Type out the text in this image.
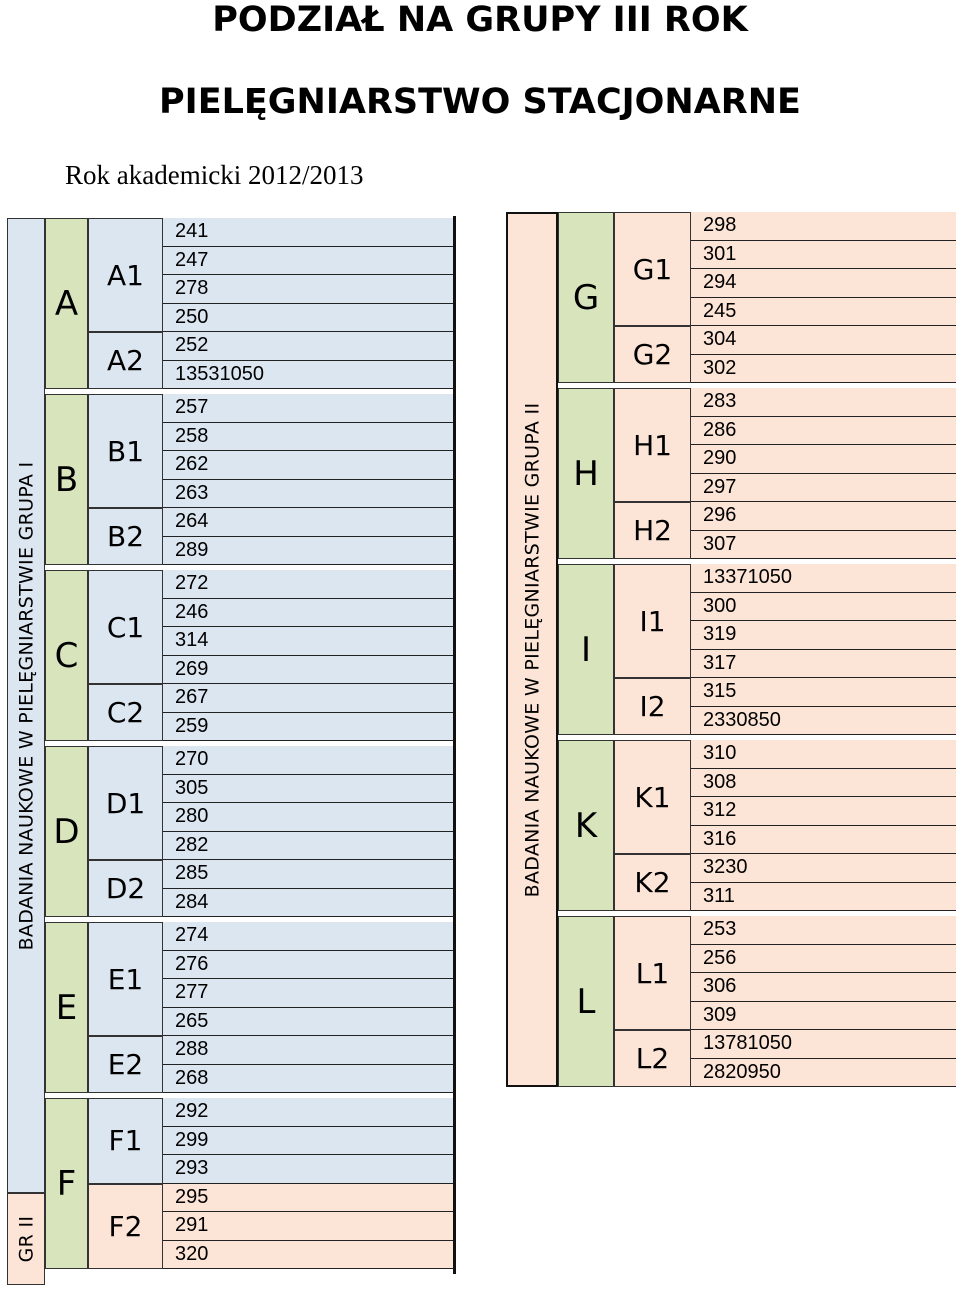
PODZIAŁ NA GRUPY III ROK
PIELĘGNIARSTWO STACJONARNE
Rok akademicki 2012/2013
241
247
278
250
A1
252
13531050
A2
A
257
258
262
263
B1
264
289
B2
B
272
246
314
269
C1
267
259
C2
C
270
305
280
282
D1
285
284
D2
D
274
276
277
265
E1
288
268
E2
E
292
299
293
F1
295
291
320
F2
F
BADANIA NAUKOWE W PIELĘGNIARSTWIE GRUPA I
GR II
298
301
294
245
G1
304
302
G2
G
283
286
290
297
H1
296
307
H2
H
13371050
300
319
317
I1
315
2330850
I2
I
310
308
312
316
K1
3230
311
K2
K
253
256
306
309
L1
13781050
2820950
L2
L
BADANIA NAUKOWE W PIELĘGNIARSTWIE GRUPA II
